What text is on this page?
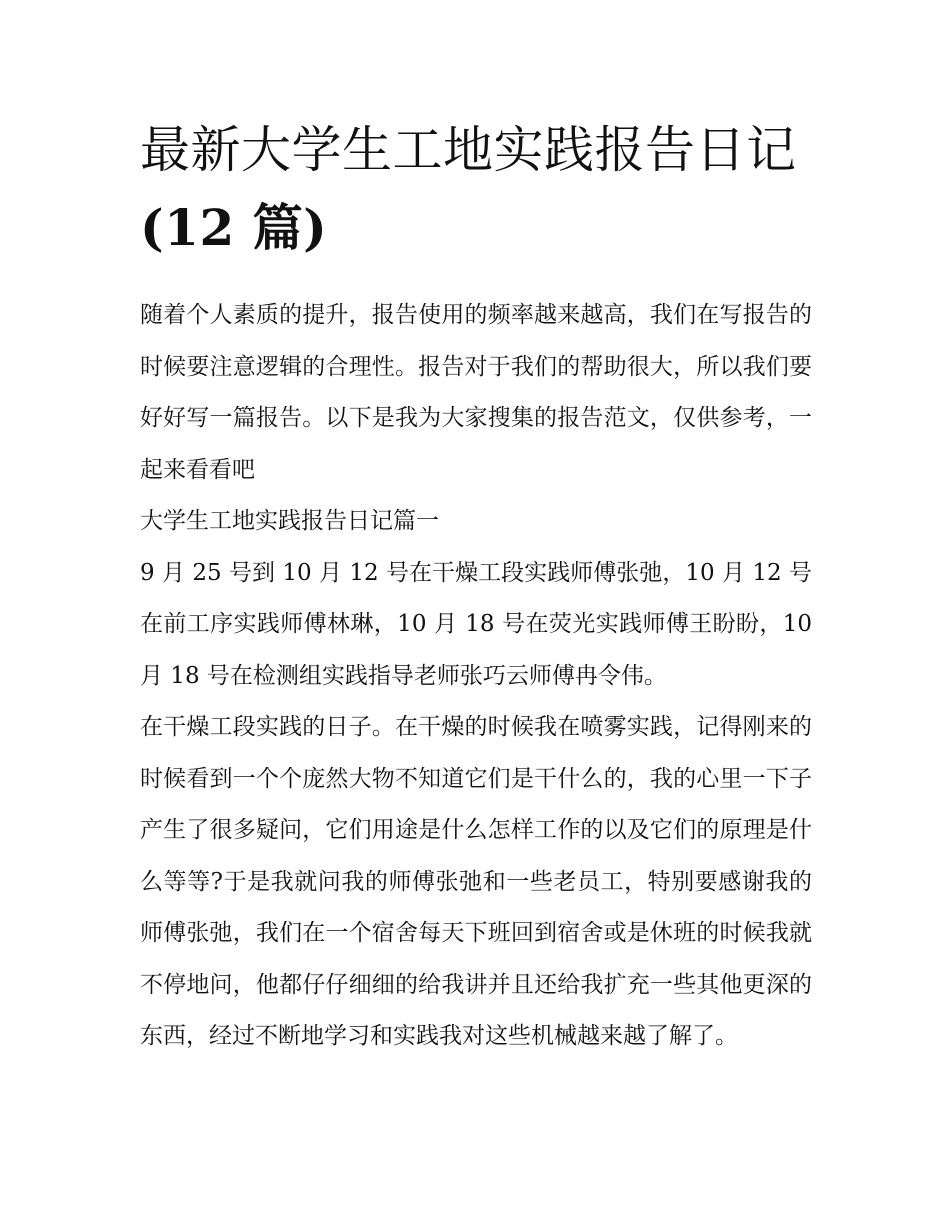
最新大学生工地实践报告日记
(12 篇)

随着个人素质的提升，报告使用的频率越来越高，我们在写报告的时候要注意逻辑的合理性。报告对于我们的帮助很大，所以我们要好好写一篇报告。以下是我为大家搜集的报告范文，仅供参考，一起来看看吧

大学生工地实践报告日记篇一

9 月 25 号到 10 月 12 号在干燥工段实践师傅张弛，10 月 12 号在前工序实践师傅林琳，10 月 18 号在荧光实践师傅王盼盼，10 月 18 号在检测组实践指导老师张巧云师傅冉令伟。

在干燥工段实践的日子。在干燥的时候我在喷雾实践，记得刚来的时候看到一个个庞然大物不知道它们是干什么的，我的心里一下子产生了很多疑问，它们用途是什么怎样工作的以及它们的原理是什么等等?于是我就问我的师傅张弛和一些老员工，特别要感谢我的师傅张弛，我们在一个宿舍每天下班回到宿舍或是休班的时候我就不停地问，他都仔仔细细的给我讲并且还给我扩充一些其他更深的东西，经过不断地学习和实践我对这些机械越来越了解了。
